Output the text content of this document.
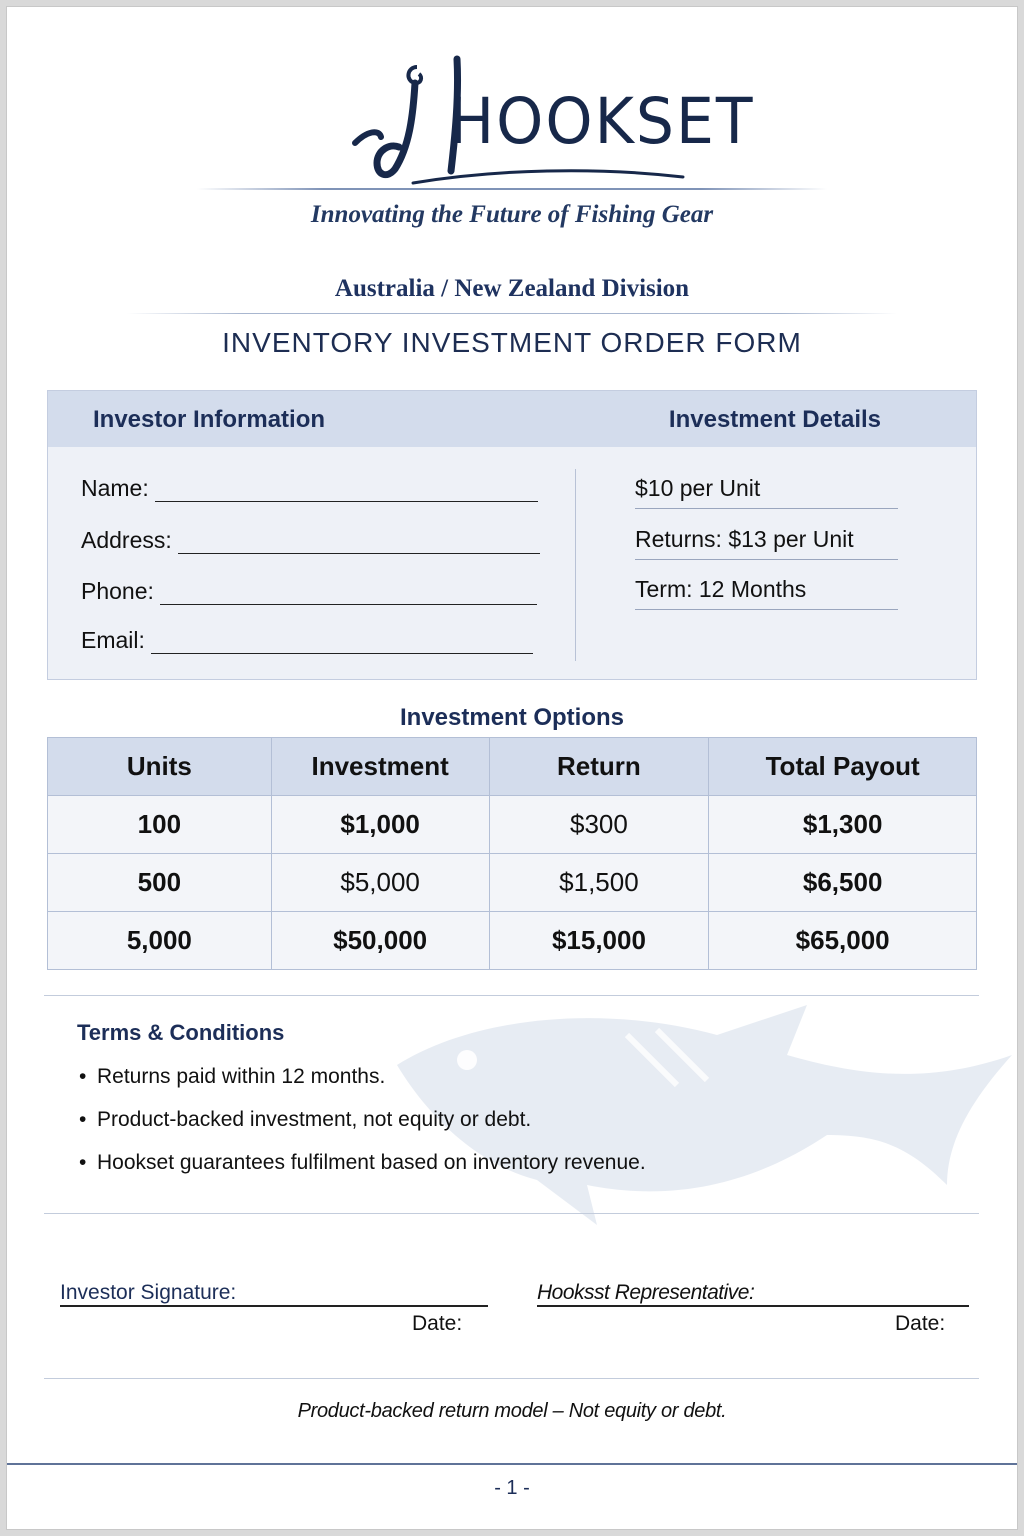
HOOKSET
Innovating the Future of Fishing Gear
Australia / New Zealand Division
INVENTORY INVESTMENT ORDER FORM
Investor Information	Investment Details
Name:
Address:
Phone:
Email:
$10 per Unit
Returns: $13 per Unit
Term: 12 Months
Investment Options
Units	Investment	Return	Total Payout
100	$1,000	$300	$1,300
500	$5,000	$1,500	$6,500
5,000	$50,000	$15,000	$65,000
Terms & Conditions
• Returns paid within 12 months.
• Product-backed investment, not equity or debt.
• Hookset guarantees fulfilment based on inventory revenue.
Investor Signature:
Date:
Hooksst Representative:
Date:
Product-backed return model – Not equity or debt.
- 1 -
